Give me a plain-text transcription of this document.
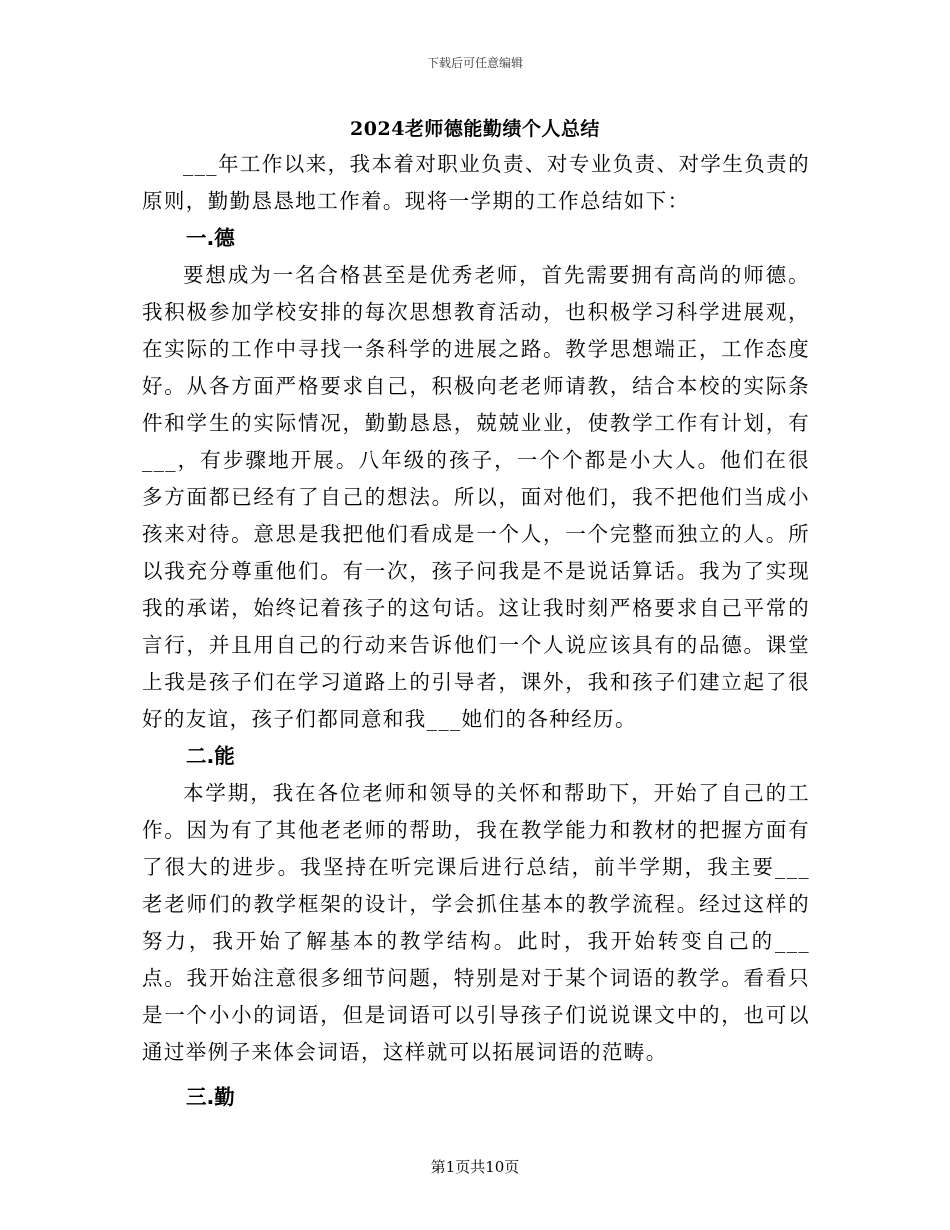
下载后可任意编辑
2024老师德能勤绩个人总结

___年工作以来，我本着对职业负责、对专业负责、对学生负责的原则，勤勤恳恳地工作着。现将一学期的工作总结如下：

一.德

要想成为一名合格甚至是优秀老师，首先需要拥有高尚的师德。我积极参加学校安排的每次思想教育活动，也积极学习科学进展观，在实际的工作中寻找一条科学的进展之路。教学思想端正，工作态度好。从各方面严格要求自己，积极向老老师请教，结合本校的实际条件和学生的实际情况，勤勤恳恳，兢兢业业，使教学工作有计划，有___，有步骤地开展。八年级的孩子，一个个都是小大人。他们在很多方面都已经有了自己的想法。所以，面对他们，我不把他们当成小孩来对待。意思是我把他们看成是一个人，一个完整而独立的人。所以我充分尊重他们。有一次，孩子问我是不是说话算话。我为了实现我的承诺，始终记着孩子的这句话。这让我时刻严格要求自己平常的言行，并且用自己的行动来告诉他们一个人说应该具有的品德。课堂上我是孩子们在学习道路上的引导者，课外，我和孩子们建立起了很好的友谊，孩子们都同意和我___她们的各种经历。

二.能

本学期，我在各位老师和领导的关怀和帮助下，开始了自己的工作。因为有了其他老老师的帮助，我在教学能力和教材的把握方面有了很大的进步。我坚持在听完课后进行总结，前半学期，我主要___老老师们的教学框架的设计，学会抓住基本的教学流程。经过这样的努力，我开始了解基本的教学结构。此时，我开始转变自己的___点。我开始注意很多细节问题，特别是对于某个词语的教学。看看只是一个小小的词语，但是词语可以引导孩子们说说课文中的，也可以通过举例子来体会词语，这样就可以拓展词语的范畴。

三.勤

第1页共10页
